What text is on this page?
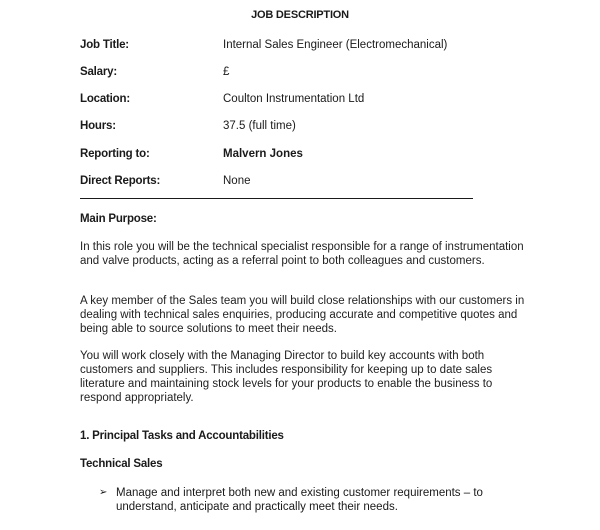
JOB DESCRIPTION
Job Title:	Internal Sales Engineer (Electromechanical)
Salary:	£
Location:	Coulton Instrumentation Ltd
Hours:	37.5 (full time)
Reporting to:	Malvern Jones
Direct Reports:	None
Main Purpose:
In this role you will be the technical specialist responsible for a range of instrumentation and valve products, acting as a referral point to both colleagues and customers.
A key member of the Sales team you will build close relationships with our customers in dealing with technical sales enquiries, producing accurate and competitive quotes and being able to source solutions to meet their needs.
You will work closely with the Managing Director to build key accounts with both customers and suppliers. This includes responsibility for keeping up to date sales literature and maintaining stock levels for your products to enable the business to respond appropriately.
1. Principal Tasks and Accountabilities
Technical Sales
➢ Manage and interpret both new and existing customer requirements – to understand, anticipate and practically meet their needs.
